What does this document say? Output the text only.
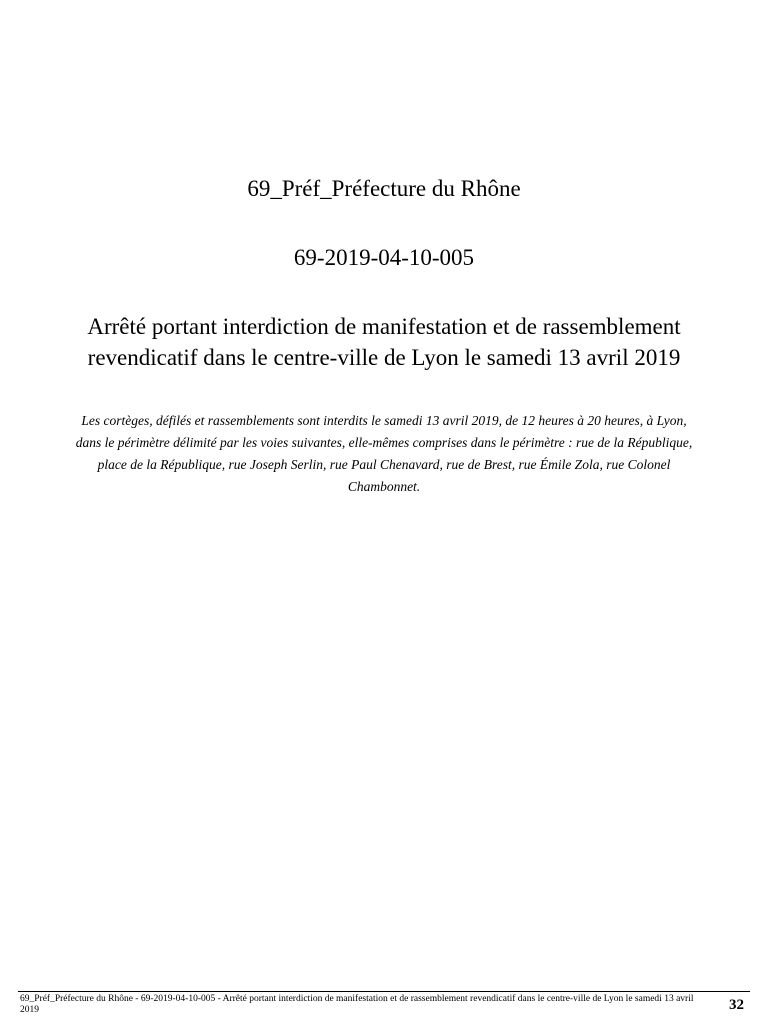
69_Préf_Préfecture du Rhône
69-2019-04-10-005
Arrêté portant interdiction de manifestation et de rassemblement revendicatif dans le centre-ville de Lyon le samedi 13 avril 2019
Les cortèges, défilés et rassemblements sont interdits le samedi 13 avril 2019, de 12 heures à 20 heures, à Lyon, dans le périmètre délimité par les voies suivantes, elle-mêmes comprises dans le périmètre : rue de la République, place de la République, rue Joseph Serlin, rue Paul Chenavard, rue de Brest, rue Émile Zola, rue Colonel Chambonnet.
69_Préf_Préfecture du Rhône - 69-2019-04-10-005 - Arrêté portant interdiction de manifestation et de rassemblement revendicatif dans le centre-ville de Lyon le samedi 13 avril 2019	32
